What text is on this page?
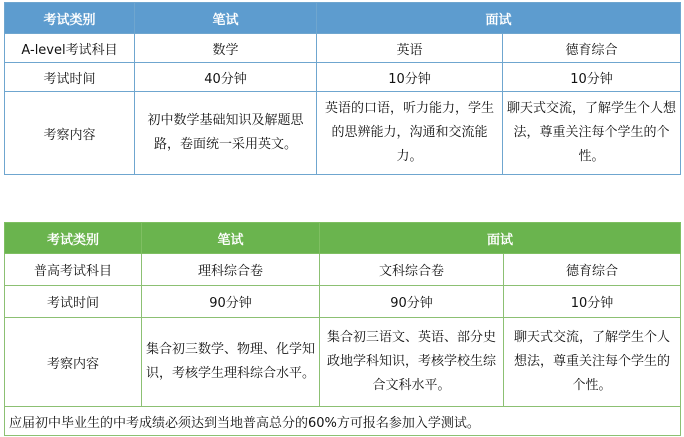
考试类别	笔试	面试	
A-level考试科目	数学	英语	德育综合
考试时间	40分钟	10分钟	10分钟
考察内容	初中数学基础知识及解题思路，卷面统一采用英文。	英语的口语，听力能力，学生的思辨能力，沟通和交流能力。	聊天式交流，了解学生个人想法，尊重关注每个学生的个性。
考试类别	笔试	面试	
普高考试科目	理科综合卷	文科综合卷	德育综合
考试时间	90分钟	90分钟	10分钟
考察内容	集合初三数学、物理、化学知识，考核学生理科综合水平。	集合初三语文、英语、部分史政地学科知识，考核学校生综合文科水平。	聊天式交流，了解学生个人想法，尊重关注每个学生的个性。
应届初中毕业生的中考成绩必须达到当地普高总分的60%方可报名参加入学测试。			
